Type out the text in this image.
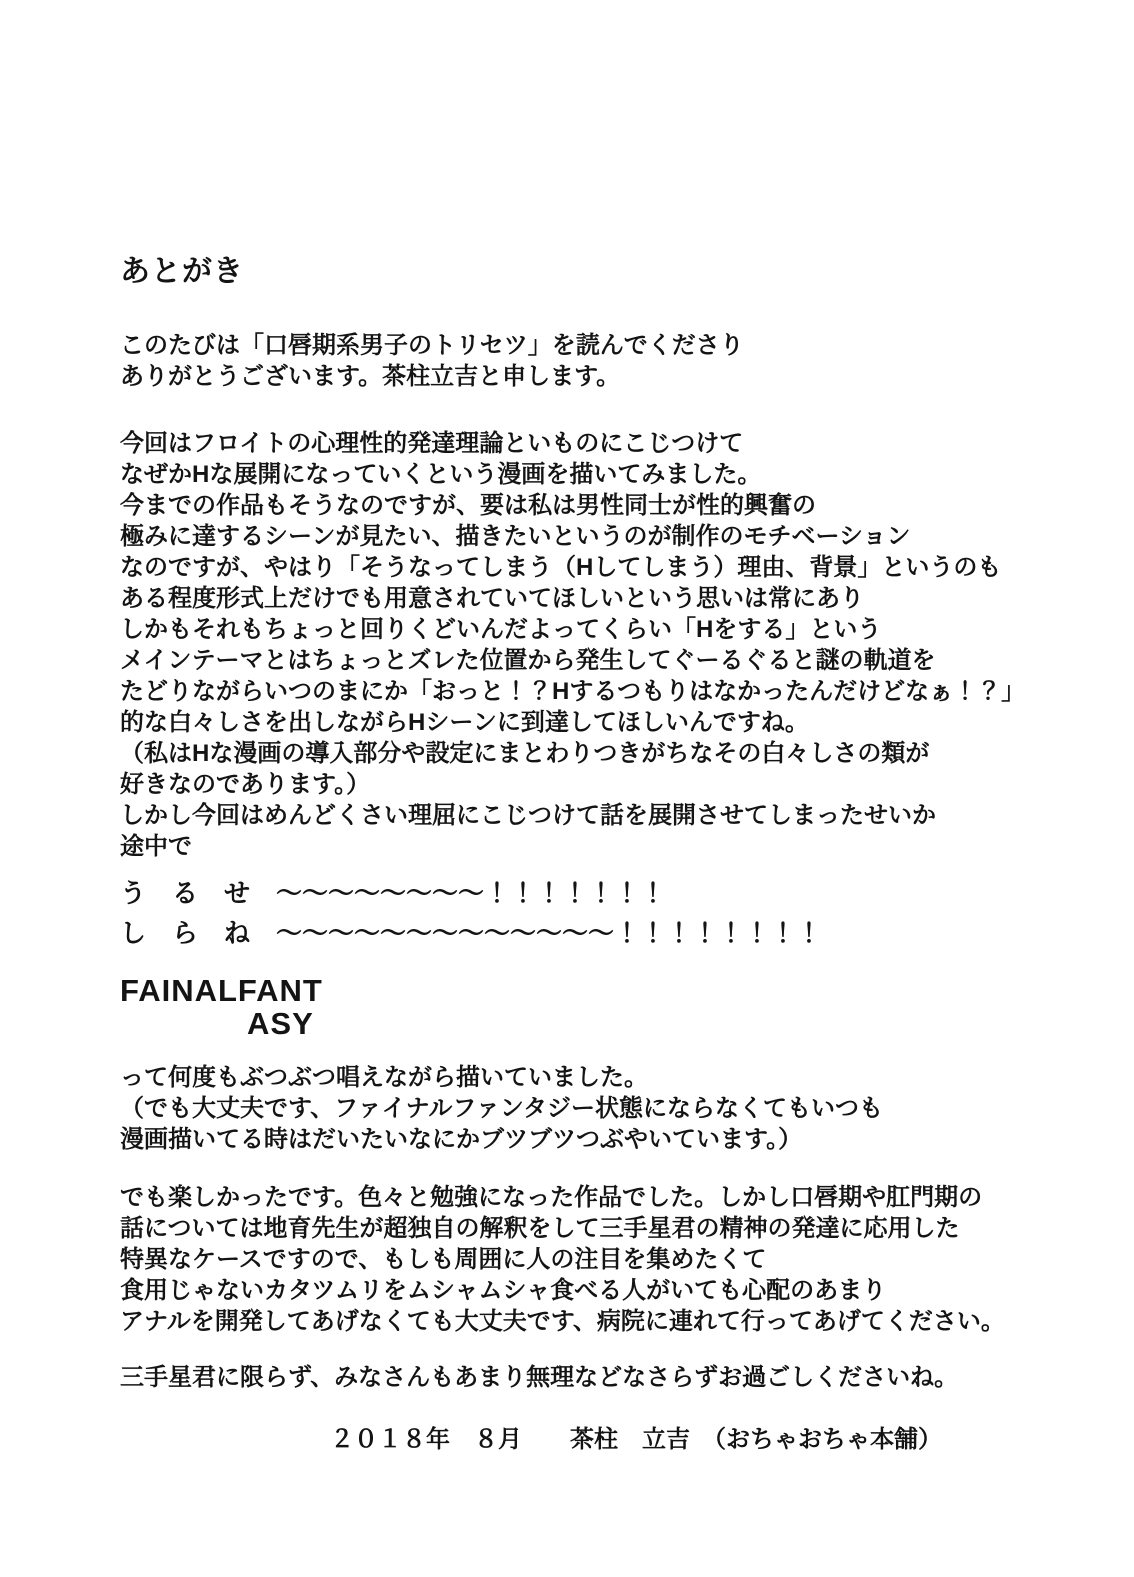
あとがき
このたびは「口唇期系男子のトリセツ」を読んでくださり
ありがとうございます。茶柱立吉と申します。
今回はフロイトの心理性的発達理論といものにこじつけて
なぜかHな展開になっていくという漫画を描いてみました。
今までの作品もそうなのですが、要は私は男性同士が性的興奮の
極みに達するシーンが見たい、描きたいというのが制作のモチベーション
なのですが、やはり「そうなってしまう（Hしてしまう）理由、背景」というのも
ある程度形式上だけでも用意されていてほしいという思いは常にあり
しかもそれもちょっと回りくどいんだよってくらい「Hをする」という
メインテーマとはちょっとズレた位置から発生してぐーるぐると謎の軌道を
たどりながらいつのまにか「おっと！？Hするつもりはなかったんだけどなぁ！？」
的な白々しさを出しながらHシーンに到達してほしいんですね。
（私はHな漫画の導入部分や設定にまとわりつきがちなその白々しさの類が
好きなのであります。）
しかし今回はめんどくさい理屈にこじつけて話を展開させてしまったせいか
途中で
う　る　せ　～～～～～～～～！！！！！！！
し　ら　ね　～～～～～～～～～～～～～！！！！！！！！
FAINALFANT
ASY
って何度もぶつぶつ唱えながら描いていました。
（でも大丈夫です、ファイナルファンタジー状態にならなくてもいつも
漫画描いてる時はだいたいなにかブツブツつぶやいています。）
でも楽しかったです。色々と勉強になった作品でした。しかし口唇期や肛門期の
話については地育先生が超独自の解釈をして三手星君の精神の発達に応用した
特異なケースですので、もしも周囲に人の注目を集めたくて
食用じゃないカタツムリをムシャムシャ食べる人がいても心配のあまり
アナルを開発してあげなくても大丈夫です、病院に連れて行ってあげてください。
三手星君に限らず、みなさんもあまり無理などなさらずお過ごしくださいね。
２０１８年　８月　　茶柱　立吉　（おちゃおちゃ本舗）
